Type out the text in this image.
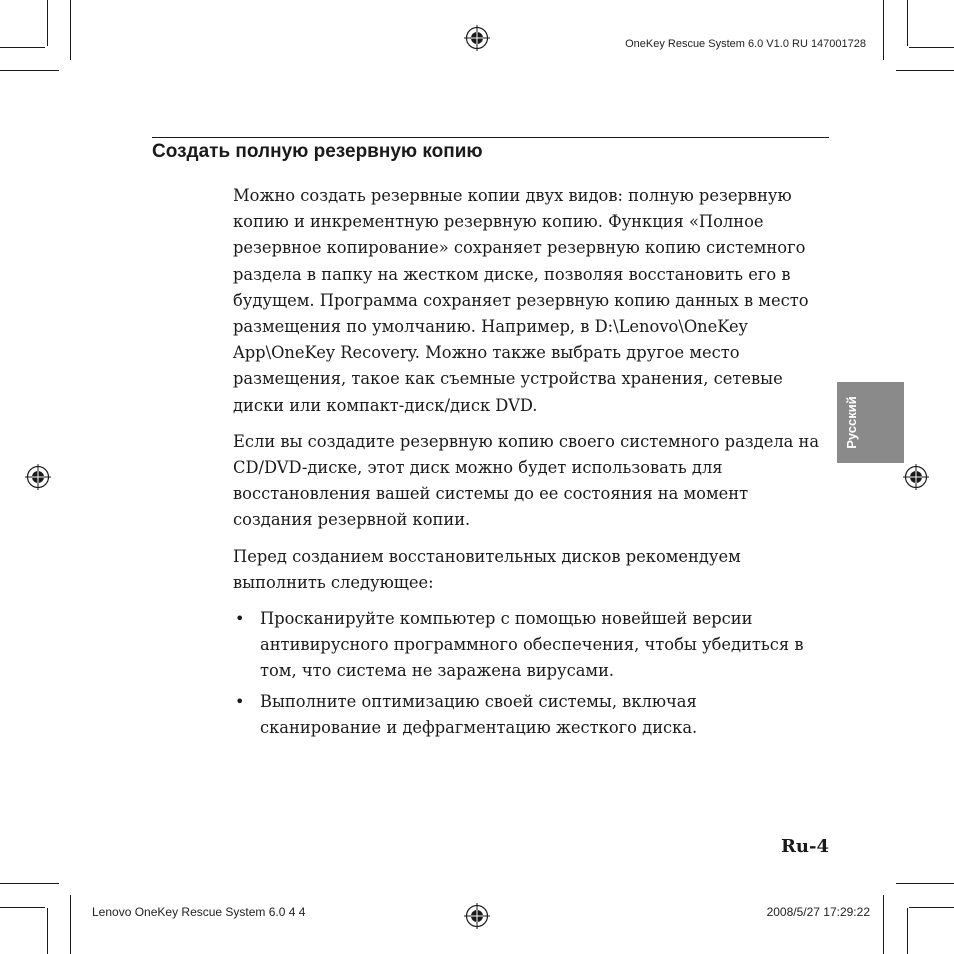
OneKey Rescue System 6.0 V1.0 RU 147001728
Создать полную резервную копию

Можно создать резервные копии двух видов: полную резервную копию и инкрементную резервную копию. Функция «Полное резервное копирование» сохраняет резервную копию системного раздела в папку на жестком диске, позволяя восстановить его в будущем. Программа сохраняет резервную копию данных в место размещения по умолчанию. Например, в D:\Lenovo\OneKey App\OneKey Recovery. Можно также выбрать другое место размещения, такое как съемные устройства хранения, сетевые диски или компакт-диск/диск DVD.

Если вы создадите резервную копию своего системного раздела на CD/DVD-диске, этот диск можно будет использовать для восстановления вашей системы до ее состояния на момент создания резервной копии.

Перед созданием восстановительных дисков рекомендуем выполнить следующее:

• Просканируйте компьютер с помощью новейшей версии антивирусного программного обеспечения, чтобы убедиться в том, что система не заражена вирусами.
• Выполните оптимизацию своей системы, включая сканирование и дефрагментацию жесткого диска.
Русский
Ru-4
Lenovo OneKey Rescue System 6.0 4 4	2008/5/27 17:29:22
